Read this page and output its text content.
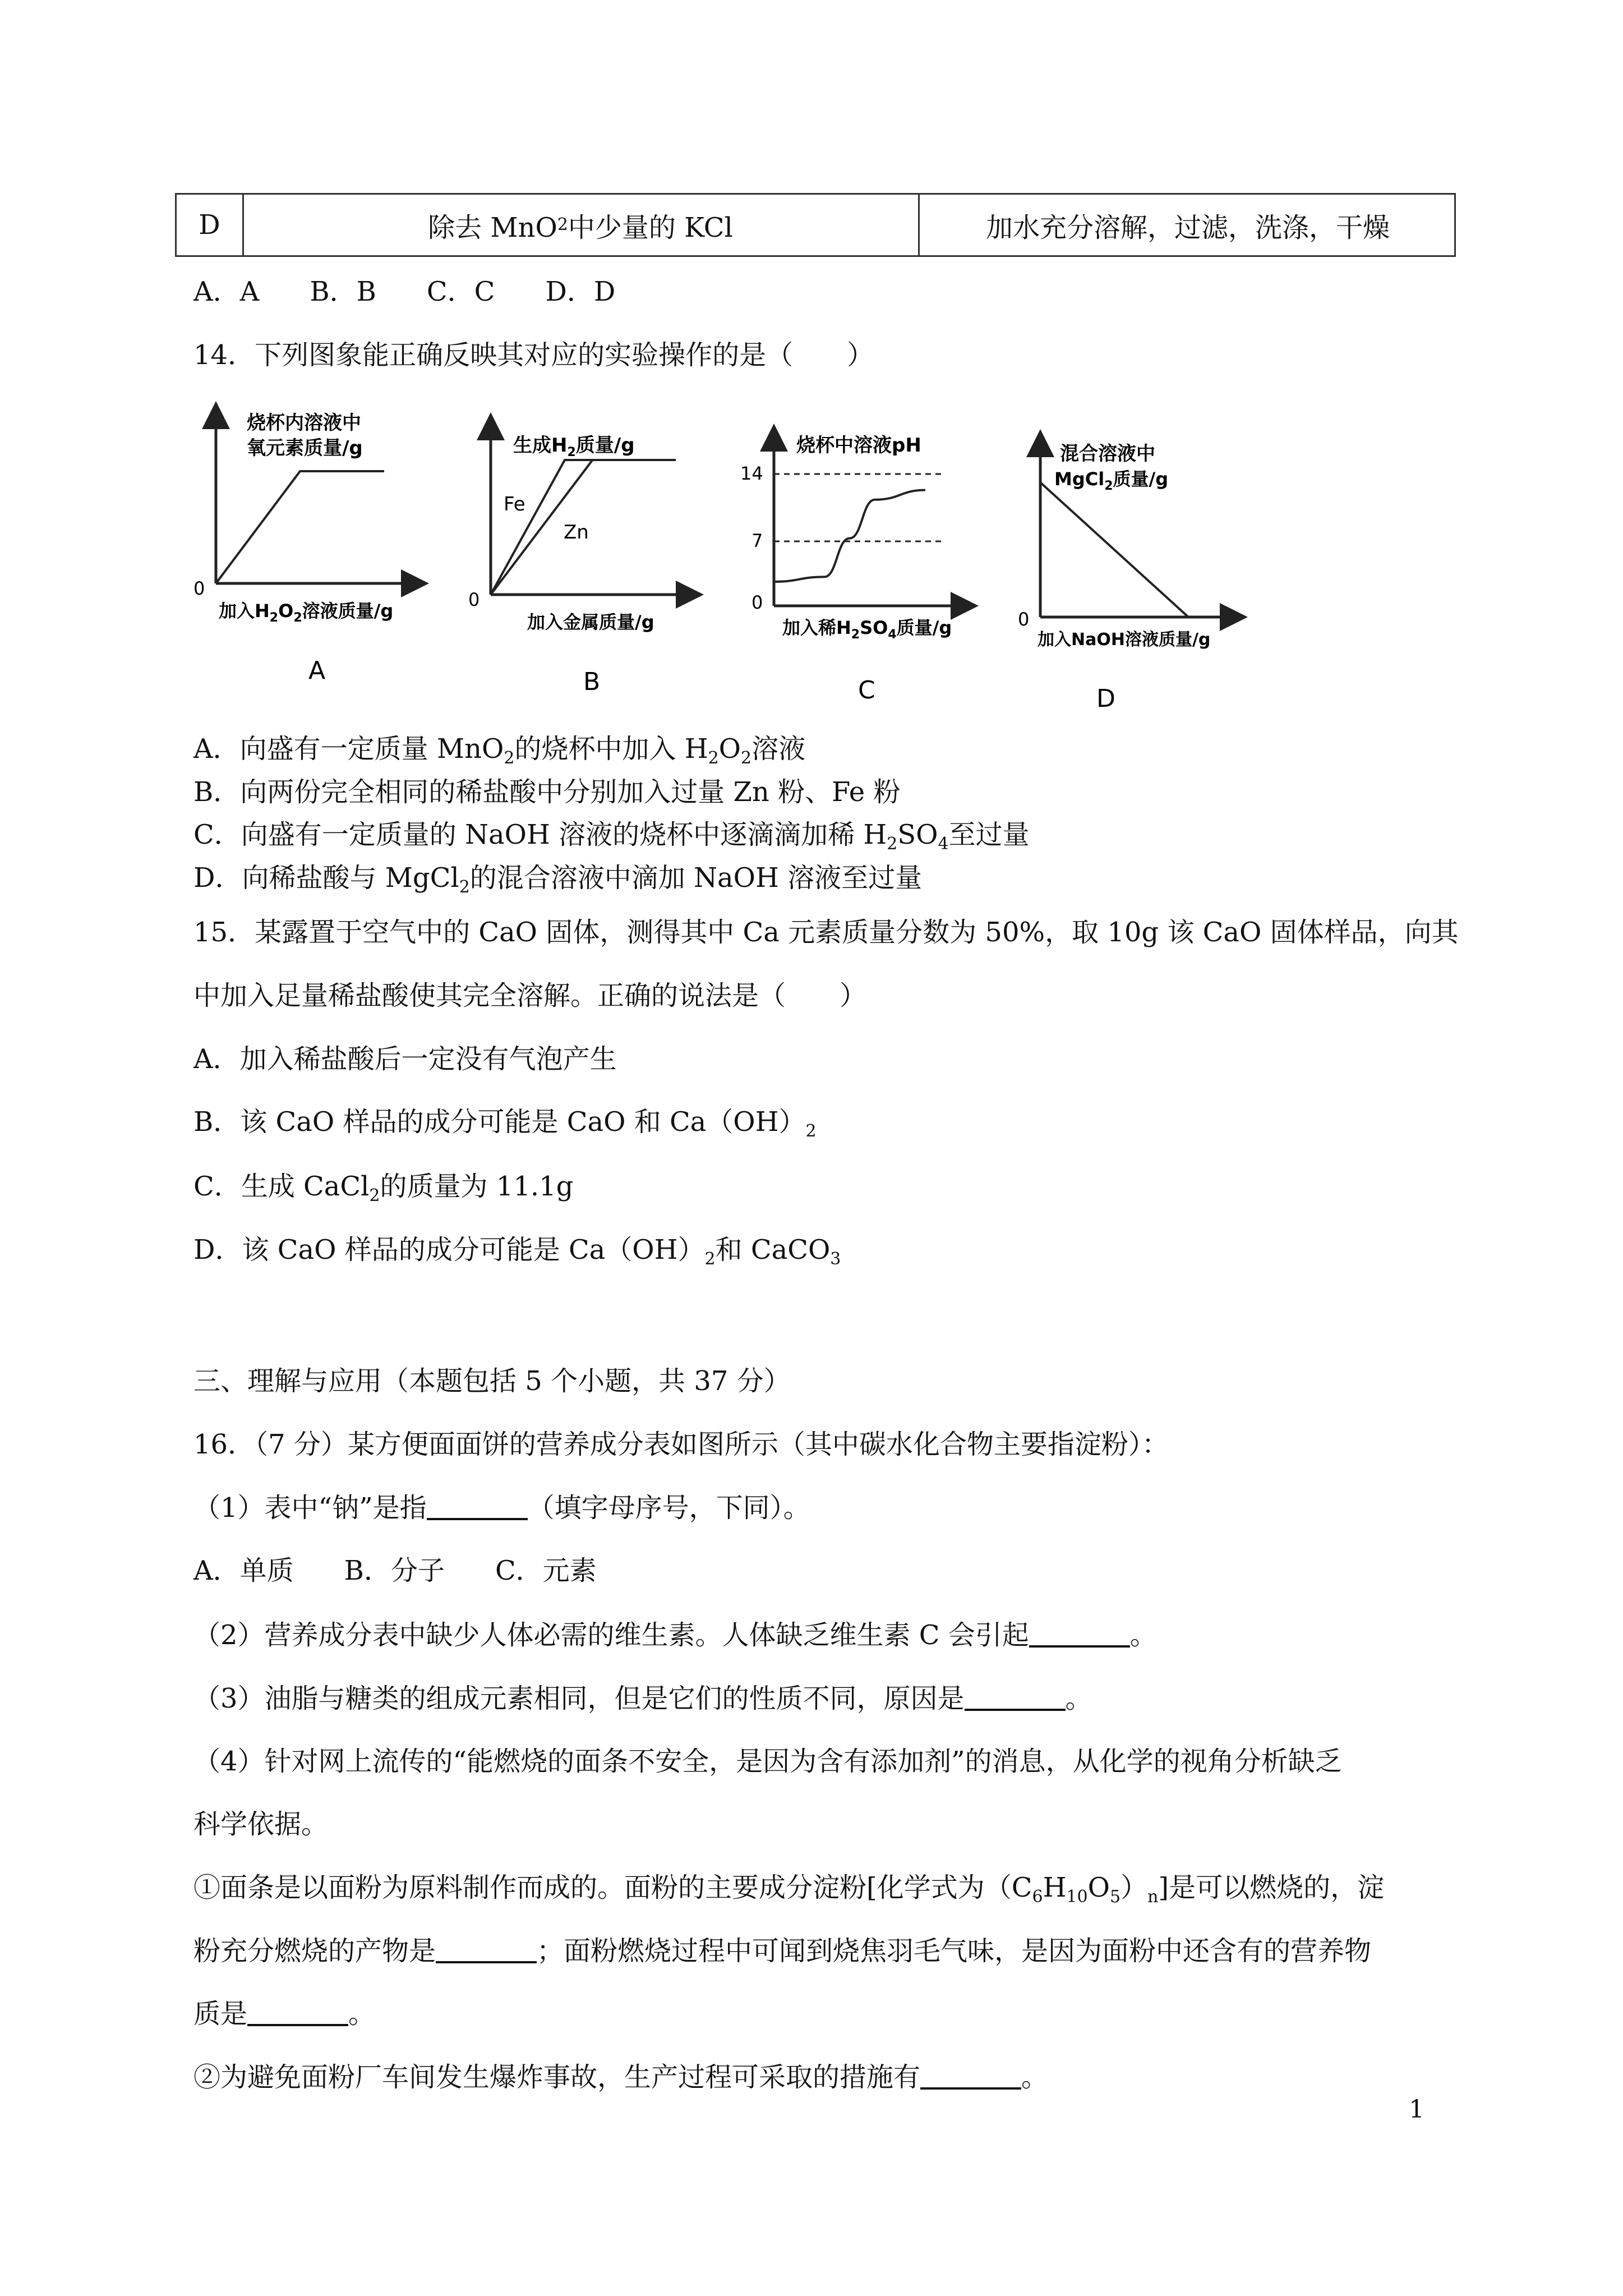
D	除去 MnO 2 中少量的 KCl	加水充分溶解，过滤，洗涤，干燥
A．A B．B C．C D．D
14．下列图象能正确反映其对应的实验操作的是（　　）
烧杯内溶液中
氧元素质量/g
0
加入$H_2O_2$溶液质量/g
A
生成$H_2$质量/g
Fe
Zn
0
加入金属质量/g
B
烧杯中溶液pH
14
7
0
加入稀$H_2SO_4$质量/g
C
混合溶液中
MgCl$_2$质量/g
0
加入NaOH溶液质量/g
D
A．向盛有一定质量 MnO$_2$的烧杯中加入 $H_2O_2$溶液
B．向两份完全相同的稀盐酸中分别加入过量 Zn 粉、Fe 粉
C．向盛有一定质量的 NaOH 溶液的烧杯中逐滴滴加稀 $H_2SO_4$至过量
D．向稀盐酸与 MgCl$_2$的混合溶液中滴加 NaOH 溶液至过量
15．某露置于空气中的 CaO 固体，测得其中 Ca 元素质量分数为 50%，取 10g 该 CaO 固体样品，向其
中加入足量稀盐酸使其完全溶解。正确的说法是（　　）
A．加入稀盐酸后一定没有气泡产生
B．该 CaO 样品的成分可能是 CaO 和 $Ca(OH)_2$
C．生成 CaCl$_2$的质量为 11.1g
D．该 CaO 样品的成分可能是 $Ca(OH)_2$和 CaCO$_3$
三、理解与应用（本题包括 5 个小题，共 37 分）
16．（7 分）某方便面面饼的营养成分表如图所示（其中碳水化合物主要指淀粉）：
（1）表中“钠”是指	（填字母序号，下同）。
A．单质 B．分子 C．元素
（2）营养成分表中缺少人体必需的维生素。人体缺乏维生素 C 会引起	。
（3）油脂与糖类的组成元素相同，但是它们的性质不同，原因是	。
（4）针对网上流传的“能燃烧的面条不安全，是因为含有添加剂”的消息，从化学的视角分析缺乏
科学依据。
①面条是以面粉为原料制作而成的。面粉的主要成分淀粉[化学式为$(C_6H_{10}O_5)_n$]是可以燃烧的，淀
粉充分燃烧的产物是	；面粉燃烧过程中可闻到烧焦羽毛气味，是因为面粉中还含有的营养物
质是	。
②为避免面粉厂车间发生爆炸事故，生产过程可采取的措施有	。
1
